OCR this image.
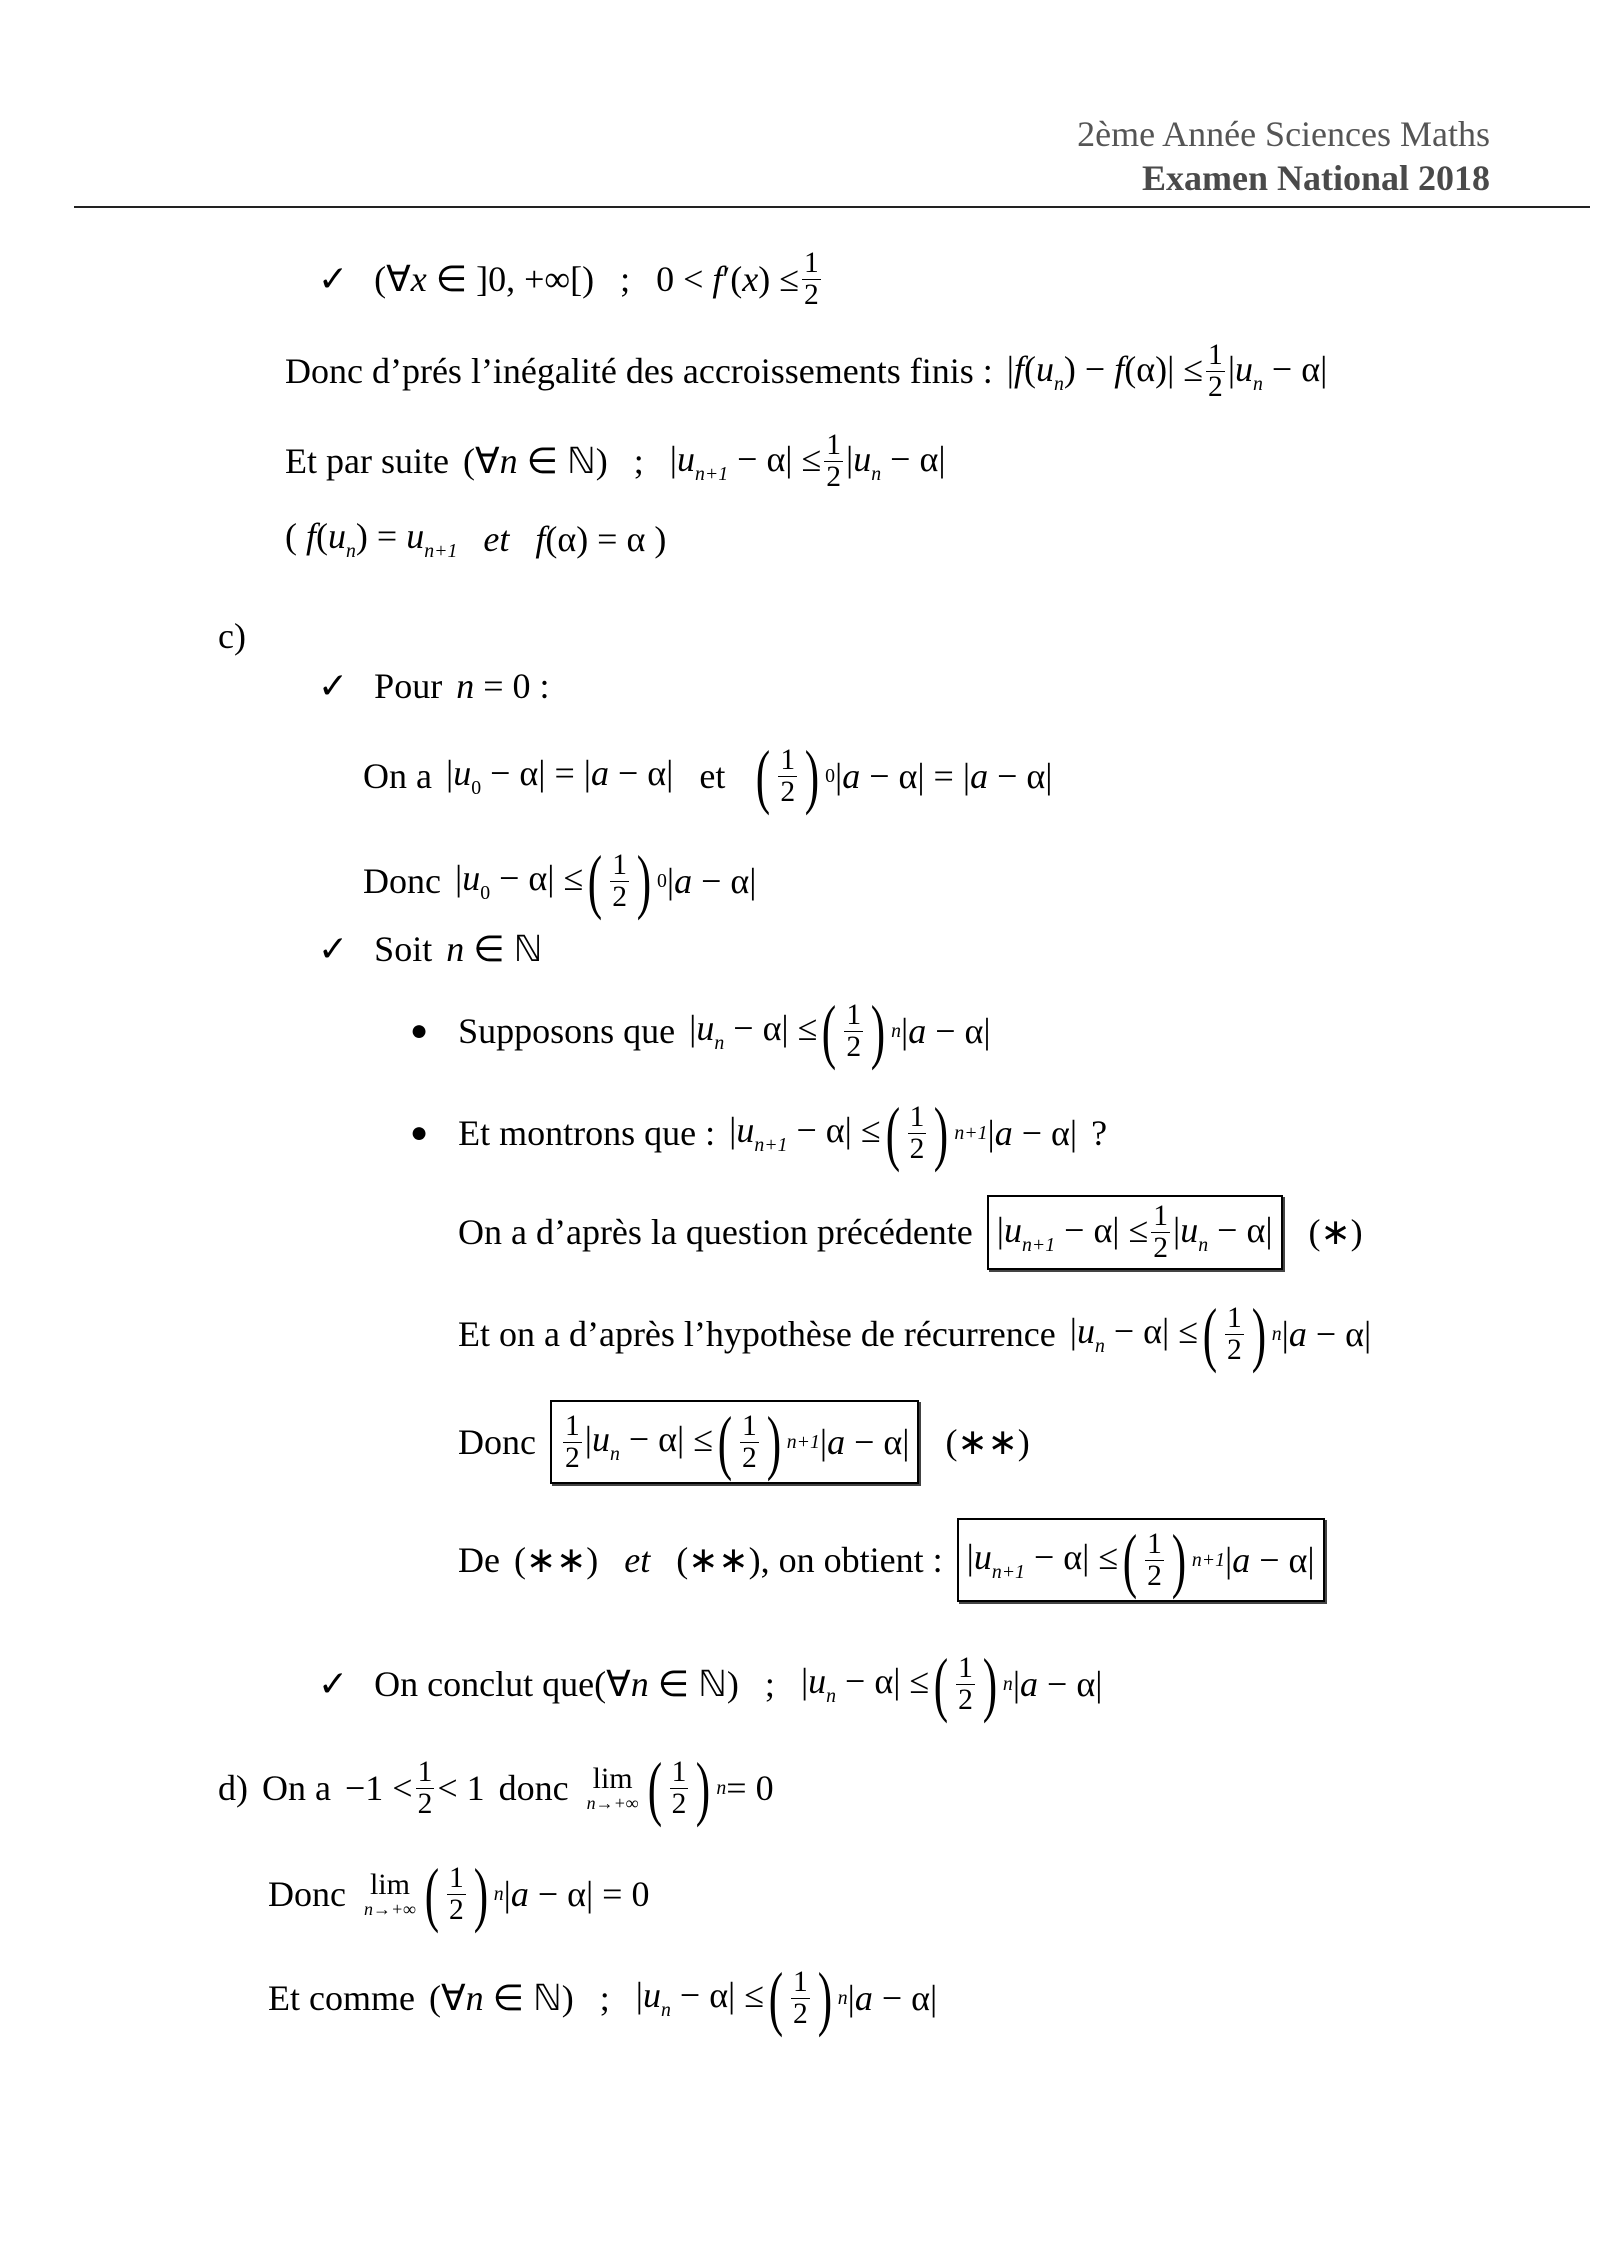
2ème Année Sciences Maths
Examen National 2018
✓ (∀x ∈ ]0, +∞[) ; $0 < f'(x) \le \frac{1}{2}$
Donc d’prés l’inégalité des accroissements finis : $|f(u_n) - f(\alpha)| \le \frac{1}{2} |u_n - \alpha|$
Et par suite (∀n ∈ ℕ) ; $|u_{n+1} - \alpha| \le \frac{1}{2} |u_n - \alpha|$
( $f(u_n) = u_{n+1}$ et f(α) = α )
c)
✓ Pour n = 0 :
On a $|u_0 - \alpha| = |a - \alpha|$ et ( $\frac{1}{2}$ ) 0 |a − α| = |a − α|
Donc $|u_0 - \alpha|$ ≤ ( $\frac{1}{2}$ ) 0 |a − α|
✓ Soit n ∈ ℕ
● Supposons que $|u_n - \alpha|$ ≤ ( $\frac{1}{2}$ ) n |a − α|
● Et montrons que : $|u_{n+1} - \alpha|$ ≤ ( $\frac{1}{2}$ ) n+1 |a − α| ?
On a d’après la question précédente $|u_{n+1} - \alpha| \le \frac{1}{2} |u_n - \alpha|$ (∗)
Et on a d’après l’hypothèse de récurrence $|u_n - \alpha|$ ≤ ( $\frac{1}{2}$ ) n |a − α|
Donc $\frac{1}{2} |u_n - \alpha|$ ≤ ( $\frac{1}{2}$ ) n+1 |a − α| (∗∗)
De (∗∗) et (∗∗) , on obtient : $|u_{n+1} - \alpha|$ ≤ ( $\frac{1}{2}$ ) n+1 |a − α|
✓ On conclut que (∀n ∈ ℕ) ; $|u_n - \alpha|$ ≤ ( $\frac{1}{2}$ ) n |a − α|
d) On $a -1 < \frac{1}{2} < 1$ donc lim
n→+∞ ( $\frac{1}{2}$ ) n = 0
Donc lim
n→+∞ ( $\frac{1}{2}$ ) n |a − α| = 0
Et comme (∀n ∈ ℕ) ; $|u_n - \alpha|$ ≤ ( $\frac{1}{2}$ ) n |a − α|
